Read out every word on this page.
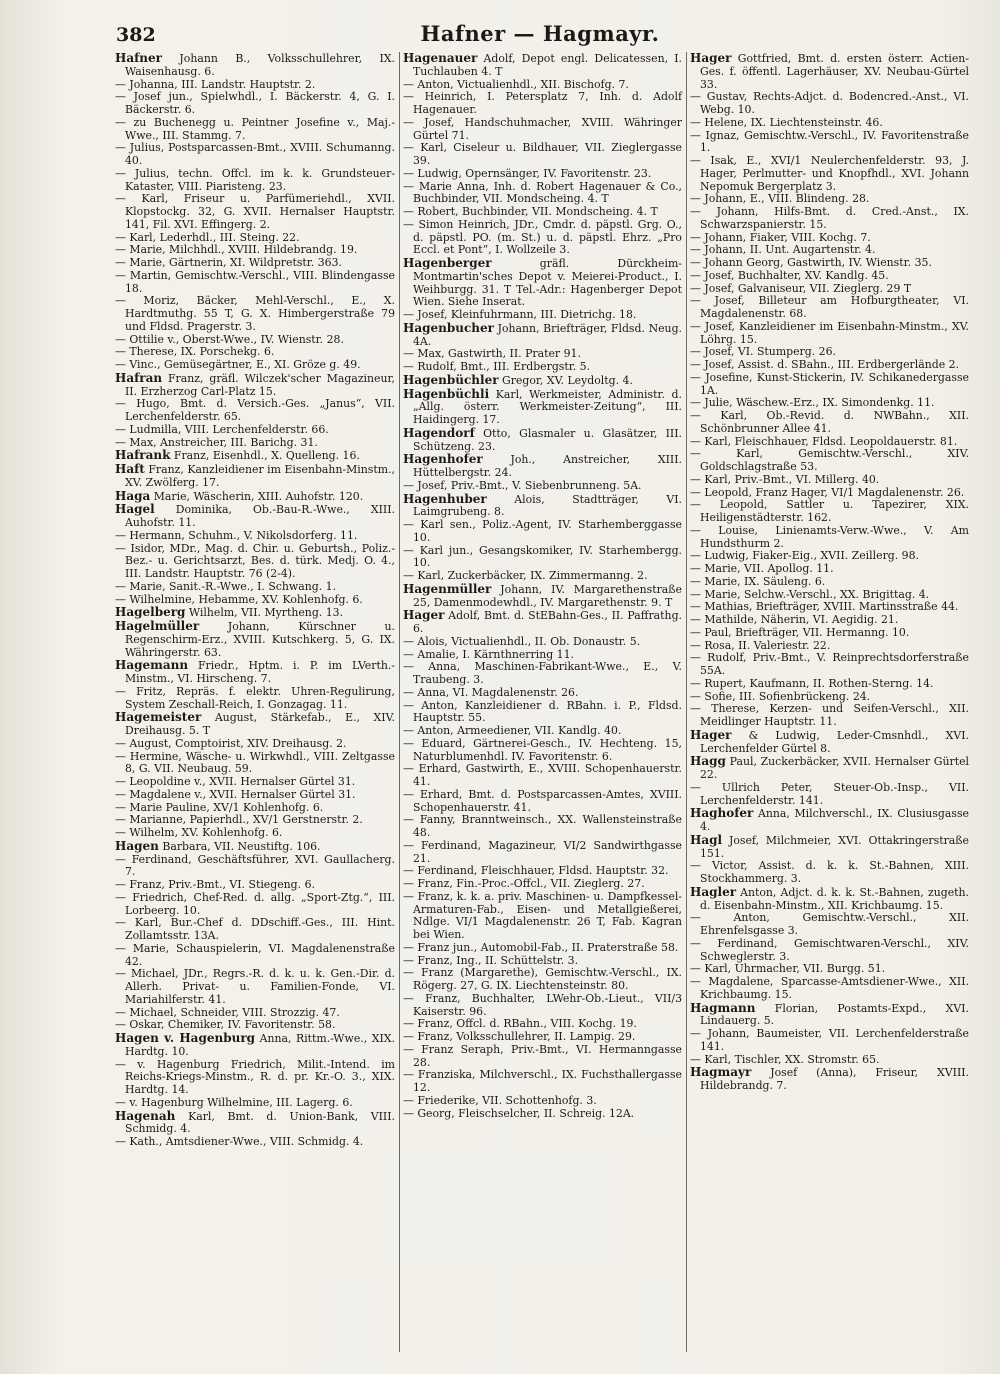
382	Hafner — Hagmayr.
Hafner Johann B., Volksschullehrer, IX. Waisenhausg. 6.
— Johanna, III. Landstr. Hauptstr. 2.
— Josef jun., Spielwhdl., I. Bäckerstr. 4, G. I. Bäckerstr. 6.
— zu Buchenegg u. Peintner Josefine v., Maj.-Wwe., III. Stammg. 7.
— Julius, Postsparcassen-Bmt., XVIII. Schumanng. 40.
— Julius, techn. Offcl. im k. k. Grundsteuer-Kataster, VIII. Piaristeng. 23.
— Karl, Friseur u. Parfümeriehdl., XVII. Klopstockg. 32, G. XVII. Hernalser Hauptstr. 141, Fil. XVI. Effingerg. 2.
— Karl, Lederhdl., III. Steing. 22.
— Marie, Milchhdl., XVIII. Hildebrandg. 19.
— Marie, Gärtnerin, XI. Wildpretstr. 363.
— Martin, Gemischtw.-Verschl., VIII. Blindengasse 18.
— Moriz, Bäcker, Mehl-Verschl., E., X. Hardtmuthg. 55 T, G. X. Himbergerstraße 79 und Fldsd. Pragerstr. 3.
— Ottilie v., Oberst-Wwe., IV. Wienstr. 28.
— Therese, IX. Porschekg. 6.
— Vinc., Gemüsegärtner, E., XI. Gröze g. 49.
Hafran Franz, gräfl. Wilczek'scher Magazineur, II. Erzherzog Carl-Platz 15.
— Hugo, Bmt. d. Versich.-Ges. „Janus“, VII. Lerchenfelderstr. 65.
— Ludmilla, VIII. Lerchenfelderstr. 66.
— Max, Anstreicher, III. Barichg. 31.
Hafrank Franz, Eisenhdl., X. Quelleng. 16.
Haft Franz, Kanzleidiener im Eisenbahn-Minstm., XV. Zwölferg. 17.
Haga Marie, Wäscherin, XIII. Auhofstr. 120.
Hagel Dominika, Ob.-Bau-R.-Wwe., XIII. Auhofstr. 11.
— Hermann, Schuhm., V. Nikolsdorferg. 11.
— Isidor, MDr., Mag. d. Chir. u. Geburtsh., Poliz.-Bez.- u. Gerichtsarzt, Bes. d. türk. Medj. O. 4., III. Landstr. Hauptstr. 76 (2-4).
— Marie, Sanit.-R.-Wwe., I. Schwang. 1.
— Wilhelmine, Hebamme, XV. Kohlenhofg. 6.
Hagelberg Wilhelm, VII. Myrtheng. 13.
Hagelmüller	Johann, Kürschner u. Regenschirm-Erz., XVIII. Kutschkerg. 5, G. IX. Währingerstr. 63.
Hagemann Friedr., Hptm. i. P. im LVerth.-Minstm., VI. Hirscheng. 7.
— Fritz, Repräs. f. elektr. Uhren-Regulirung, System Zeschall-Reich, I. Gonzagag. 11.
Hagemeister August, Stärkefab., E., XIV. Dreihausg. 5. T
— August, Comptoirist, XIV. Dreihausg. 2.
— Hermine, Wäsche- u. Wirkwhdl., VIII. Zeltgasse 8, G. VII. Neubaug. 59.
— Leopoldine v., XVII. Hernalser Gürtel 31.
— Magdalene v., XVII. Hernalser Gürtel 31.
— Marie Pauline, XV/1 Kohlenhofg. 6.
— Marianne, Papierhdl., XV/1 Gerstnerstr. 2.
— Wilhelm, XV. Kohlenhofg. 6.
Hagen Barbara, VII. Neustiftg. 106.
— Ferdinand, Geschäftsführer, XVI. Gaullacherg. 7.
— Franz, Priv.-Bmt., VI. Stiegeng. 6.
— Friedrich, Chef-Red. d. allg. „Sport-Ztg.“, III. Lorbeerg. 10.
— Karl, Bur.-Chef d. DDschiff.-Ges., III. Hint. Zollamtsstr. 13A.
— Marie, Schauspielerin, VI. Magdalenenstraße 42.
— Michael, JDr., Regrs.-R. d. k. u. k. Gen.-Dir. d. Allerh. Privat- u. Familien-Fonde, VI. Mariahilferstr. 41.
— Michael, Schneider, VIII. Strozzig. 47.
— Oskar, Chemiker, IV. Favoritenstr. 58.
Hagen v. Hagenburg Anna, Rittm.-Wwe., XIX. Hardtg. 10.
— v. Hagenburg Friedrich, Milit.-Intend. im Reichs-Kriegs-Minstm., R. d. pr. Kr.-O. 3., XIX. Hardtg. 14.
— v. Hagenburg Wilhelmine, III. Lagerg. 6.
Hagenah Karl, Bmt. d. Union-Bank, VIII. Schmidg. 4.
— Kath., Amtsdiener-Wwe., VIII. Schmidg. 4.
Hagenauer Adolf, Depot engl. Delicatessen, I. Tuchlauben 4. T
— Anton, Victualienhdl., XII. Bischofg. 7.
— Heinrich, I. Petersplatz 7, Inh. d. Adolf Hagenauer.
— Josef, Handschuhmacher, XVIII. Währinger Gürtel 71.
— Karl, Ciseleur u. Bildhauer, VII. Zieglergasse 39.
— Ludwig, Opernsänger, IV. Favoritenstr. 23.
— Marie Anna, Inh. d. Robert Hagenauer & Co., Buchbinder, VII. Mondscheing. 4. T
— Robert, Buchbinder, VII. Mondscheing. 4. T
— Simon Heinrich, JDr., Cmdr. d. päpstl. Grg. O., d. päpstl. PO. (m. St.) u. d. päpstl. Ehrz. „Pro Eccl. et Pont“, I. Wollzeile 3.
Hagenberger	gräfl. Dürckheim-Montmartin'sches Depot v. Meierei-Product., I. Weihburgg. 31. T Tel.-Adr.: Hagenberger Depot Wien. Siehe Inserat.
— Josef, Kleinfuhrmann, III. Dietrichg. 18.
Hagenbucher Johann, Briefträger, Fldsd. Neug. 4A.
— Max, Gastwirth, II. Prater 91.
— Rudolf, Bmt., III. Erdbergstr. 5.
Hagenbüchler Gregor, XV. Leydoltg. 4.
Hagenbüchli Karl, Werkmeister, Administr. d. „Allg. österr. Werkmeister-Zeitung“, III. Haidingerg. 17.
Hagendorf Otto, Glasmaler u. Glasätzer, III. Schützeng. 23.
Hagenhofer	Joh., Anstreicher, XIII. Hüttelbergstr. 24.
— Josef, Priv.-Bmt., V. Siebenbrunneng. 5A.
Hagenhuber	Alois, Stadtträger, VI. Laimgrubeng. 8.
— Karl sen., Poliz.-Agent, IV. Starhemberggasse 10.
— Karl jun., Gesangskomiker, IV. Starhembergg. 10.
— Karl, Zuckerbäcker, IX. Zimmermanng. 2.
Hagenmüller Johann, IV. Margarethenstraße 25, Damenmodewhdl., IV. Margarethenstr. 9. T
Hager Adolf, Bmt. d. StEBahn-Ges., II. Paffrathg. 6.
— Alois, Victualienhdl., II. Ob. Donaustr. 5.
— Amalie, I. Kärnthnerring 11.
— Anna, Maschinen-Fabrikant-Wwe., E., V. Traubeng. 3.
— Anna, VI. Magdalenenstr. 26.
— Anton, Kanzleidiener d. RBahn. i. P., Fldsd. Hauptstr. 55.
— Anton, Armeediener, VII. Kandlg. 40.
— Eduard, Gärtnerei-Gesch., IV. Hechteng. 15, Naturblumenhdl. IV. Favoritenstr. 6.
— Erhard, Gastwirth, E., XVIII. Schopenhauerstr. 41.
— Erhard, Bmt. d. Postsparcassen-Amtes, XVIII. Schopenhauerstr. 41.
— Fanny, Branntweinsch., XX. Wallensteinstraße 48.
— Ferdinand, Magazineur, VI/2 Sandwirthgasse 21.
— Ferdinand, Fleischhauer, Fldsd. Hauptstr. 32.
— Franz, Fin.-Proc.-Offcl., VII. Zieglerg. 27.
— Franz, k. k. a. priv. Maschinen- u. Dampfkessel-Armaturen-Fab., Eisen- und Metallgießerei, Ndlge. VI/1 Magdalenenstr. 26 T, Fab. Kagran bei Wien.
— Franz jun., Automobil-Fab., II. Praterstraße 58.
— Franz, Ing., II. Schüttelstr. 3.
— Franz (Margarethe), Gemischtw.-Verschl., IX. Rögerg. 27, G. IX. Liechtensteinstr. 80.
— Franz, Buchhalter, LWehr-Ob.-Lieut., VII/3 Kaiserstr. 96.
— Franz, Offcl. d. RBahn., VIII. Kochg. 19.
— Franz, Volksschullehrer, II. Lampig. 29.
— Franz Seraph, Priv.-Bmt., VI. Hermanngasse 28.
— Franziska, Milchverschl., IX. Fuchsthallergasse 12.
— Friederike, VII. Schottenhofg. 3.
— Georg, Fleischselcher, II. Schreig. 12A.
Hager Gottfried, Bmt. d. ersten österr. Actien-Ges. f. öffentl. Lagerhäuser, XV. Neubau-Gürtel 33.
— Gustav, Rechts-Adjct. d. Bodencred.-Anst., VI. Webg. 10.
— Helene, IX. Liechtensteinstr. 46.
— Ignaz, Gemischtw.-Verschl., IV. Favoritenstraße 1.
— Isak, E., XVI/1 Neulerchenfelderstr. 93, J. Hager, Perlmutter- und Knopfhdl., XVI. Johann Nepomuk Bergerplatz 3.
— Johann, E., VIII. Blindeng. 28.
— Johann, Hilfs-Bmt. d. Cred.-Anst., IX. Schwarzspanierstr. 15.
— Johann, Fiaker, VIII. Kochg. 7.
— Johann, II. Unt. Augartenstr. 4.
— Johann Georg, Gastwirth, IV. Wienstr. 35.
— Josef, Buchhalter, XV. Kandlg. 45.
— Josef, Galvaniseur, VII. Zieglerg. 29 T
— Josef, Billeteur am Hofburgtheater, VI. Magdalenenstr. 68.
— Josef, Kanzleidiener im Eisenbahn-Minstm., XV. Löhrg. 15.
— Josef, VI. Stumperg. 26.
— Josef, Assist. d. SBahn., III. Erdbergerlände 2.
— Josefine, Kunst-Stickerin, IV. Schikanedergasse 1A.
— Julie, Wäschew.-Erz., IX. Simondenkg. 11.
— Karl, Ob.-Revid. d. NWBahn., XII. Schönbrunner Allee 41.
— Karl, Fleischhauer, Fldsd. Leopoldauerstr. 81.
— Karl, Gemischtw.-Verschl., XIV. Goldschlagstraße 53.
— Karl, Priv.-Bmt., VI. Millerg. 40.
— Leopold, Franz Hager, VI/1 Magdalenenstr. 26.
— Leopold, Sattler u. Tapezirer, XIX. Heiligenstädterstr. 162.
— Louise, Linienamts-Verw.-Wwe., V. Am Hundsthurm 2.
— Ludwig, Fiaker-Eig., XVII. Zeillerg. 98.
— Marie, VII. Apollog. 11.
— Marie, IX. Säuleng. 6.
— Marie, Selchw.-Verschl., XX. Brigittag. 4.
— Mathias, Briefträger, XVIII. Martinsstraße 44.
— Mathilde, Näherin, VI. Aegidig. 21.
— Paul, Briefträger, VII. Hermanng. 10.
— Rosa, II. Valeriestr. 22.
— Rudolf, Priv.-Bmt., V. Reinprechtsdorferstraße 55A.
— Rupert, Kaufmann, II. Rothen-Sterng. 14.
— Sofie, III. Sofienbrückeng. 24.
— Therese, Kerzen- und Seifen-Verschl., XII. Meidlinger Hauptstr. 11.
Hager & Ludwig, Leder-Cmsnhdl., XVI. Lerchenfelder Gürtel 8.
Hagg Paul, Zuckerbäcker, XVII. Hernalser Gürtel 22.
— Ullrich Peter, Steuer-Ob.-Insp., VII. Lerchenfelderstr. 141.
Haghofer Anna, Milchverschl., IX. Clusiusgasse 4.
Hagl Josef, Milchmeier, XVI. Ottakringerstraße 151.
— Victor, Assist. d. k. k. St.-Bahnen, XIII. Stockhammerg. 3.
Hagler Anton, Adjct. d. k. k. St.-Bahnen, zugeth. d. Eisenbahn-Minstm., XII. Krichbaumg. 15.
— Anton, Gemischtw.-Verschl., XII. Ehrenfelsgasse 3.
— Ferdinand, Gemischtwaren-Verschl., XIV. Schweglerstr. 3.
— Karl, Uhrmacher, VII. Burgg. 51.
— Magdalene, Sparcasse-Amtsdiener-Wwe., XII. Krichbaumg. 15.
Hagmann Florian, Postamts-Expd., XVI. Lindauerg. 5.
— Johann, Baumeister, VII. Lerchenfelderstraße 141.
— Karl, Tischler, XX. Stromstr. 65.
Hagmayr Josef (Anna), Friseur, XVIII. Hildebrandg. 7.
